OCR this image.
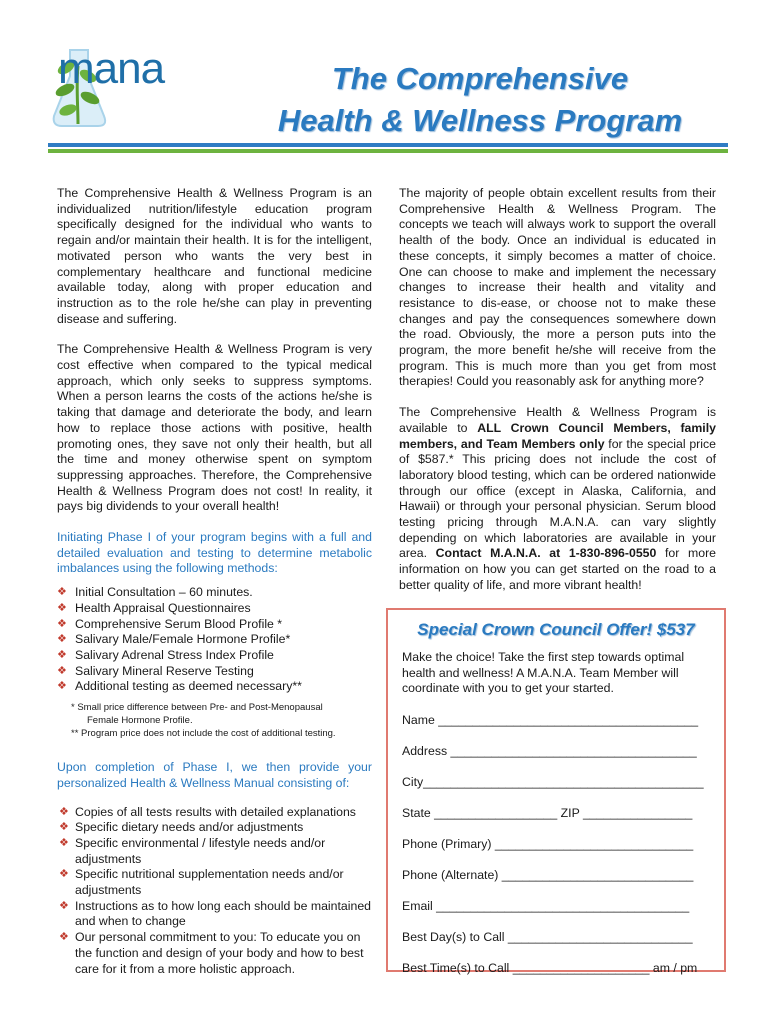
mana	The Comprehensive
Health & Wellness Program

The Comprehensive Health & Wellness Program is an individualized nutrition/lifestyle education program specifically designed for the individual who wants to regain and/or maintain their health. It is for the intelligent, motivated person who wants the very best in complementary healthcare and functional medicine available today, along with proper education and instruction as to the role he/she can play in preventing disease and suffering.

The Comprehensive Health & Wellness Program is very cost effective when compared to the typical medical approach, which only seeks to suppress symptoms. When a person learns the costs of the actions he/she is taking that damage and deteriorate the body, and learn how to replace those actions with positive, health promoting ones, they save not only their health, but all the time and money otherwise spent on symptom suppressing approaches. Therefore, the Comprehensive Health & Wellness Program does not cost! In reality, it pays big dividends to your overall health!

Initiating Phase I of your program begins with a full and detailed evaluation and testing to determine metabolic imbalances using the following methods:

❖ Initial Consultation – 60 minutes.
❖ Health Appraisal Questionnaires
❖ Comprehensive Serum Blood Profile *
❖ Salivary Male/Female Hormone Profile*
❖ Salivary Adrenal Stress Index Profile
❖ Salivary Mineral Reserve Testing
❖ Additional testing as deemed necessary**
* Small price difference between Pre- and Post-Menopausal
Female Hormone Profile.
** Program price does not include the cost of additional testing.

Upon completion of Phase I, we then provide your personalized Health & Wellness Manual consisting of:

❖ Copies of all tests results with detailed explanations
❖ Specific dietary needs and/or adjustments
❖ Specific environmental / lifestyle needs and/or adjustments
❖ Specific nutritional supplementation needs and/or adjustments
❖ Instructions as to how long each should be maintained and when to change
❖ Our personal commitment to you: To educate you on the function and design of your body and how to best care for it from a more holistic approach.

The majority of people obtain excellent results from their Comprehensive Health & Wellness Program. The concepts we teach will always work to support the overall health of the body. Once an individual is educated in these concepts, it simply becomes a matter of choice. One can choose to make and implement the necessary changes to increase their health and vitality and resistance to dis-ease, or choose not to make these changes and pay the consequences somewhere down the road. Obviously, the more a person puts into the program, the more benefit he/she will receive from the program. This is much more than you get from most therapies! Could you reasonably ask for anything more?

The Comprehensive Health & Wellness Program is available to ALL Crown Council Members, family members, and Team Members only for the special price of $587.* This pricing does not include the cost of laboratory blood testing, which can be ordered nationwide through our office (except in Alaska, California, and Hawaii) or through your personal physician. Serum blood testing pricing through M.A.N.A. can vary slightly depending on which laboratories are available in your area. Contact M.A.N.A. at 1-830-896-0550 for more information on how you can get started on the road to a better quality of life, and more vibrant health!

Special Crown Council Offer! $537
Make the choice! Take the first step towards optimal health and wellness! A M.A.N.A. Team Member will coordinate with you to get your started.
Name ______________________________________
Address ____________________________________
City_________________________________________
State __________________ ZIP ________________
Phone (Primary) _____________________________
Phone (Alternate) ____________________________
Email _____________________________________
Best Day(s) to Call ___________________________
Best Time(s) to Call ____________________ am / pm
